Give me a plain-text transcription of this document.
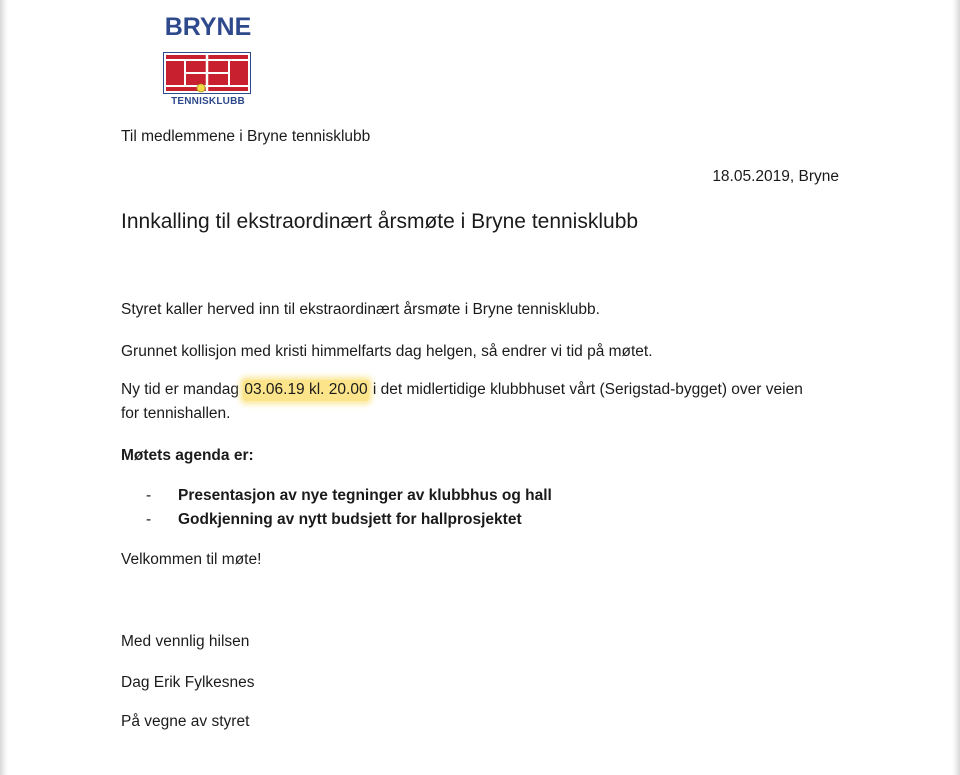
BRYNE
TENNISKLUBB
Til medlemmene i Bryne tennisklubb
18.05.2019, Bryne
Innkalling til ekstraordinært årsmøte i Bryne tennisklubb
Styret kaller herved inn til ekstraordinært årsmøte i Bryne tennisklubb.
Grunnet kollisjon med kristi himmelfarts dag helgen, så endrer vi tid på møtet.
Ny tid er mandag 03.06.19 kl. 20.00 i det midlertidige klubbhuset vårt (Serigstad-bygget) over veien
for tennishallen.
Møtets agenda er:
- Presentasjon av nye tegninger av klubbhus og hall
- Godkjenning av nytt budsjett for hallprosjektet
Velkommen til møte!
Med vennlig hilsen
Dag Erik Fylkesnes
På vegne av styret
